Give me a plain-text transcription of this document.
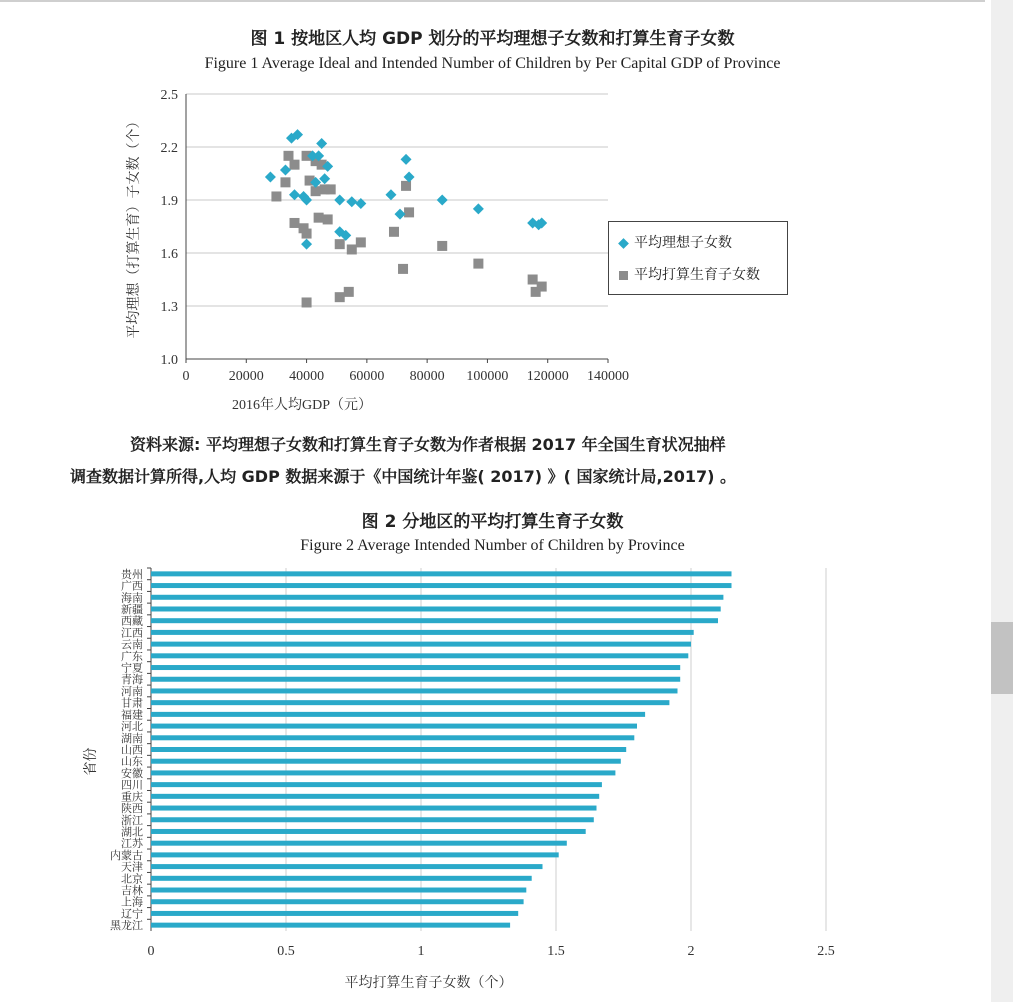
图 1 按地区人均 GDP 划分的平均理想子女数和打算生育子女数
Figure 1 Average Ideal and Intended Number of Children by Per Capital GDP of Province
1.0
1.3
1.6
1.9
2.2
2.5
0	20000 40000 60000 80000 100000 120000 140000
2016年人均GDP（元）
平均理想（打算生育）子女数（个）	平均理想子女数
平均打算生育子女数
资料来源: 平均理想子女数和打算生育子女数为作者根据 2017 年全国生育状况抽样
调查数据计算所得,人均 GDP 数据来源于《中国统计年鉴( 2017) 》( 国家统计局,2017) 。
图 2 分地区的平均打算生育子女数
Figure 2 Average Intended Number of Children by Province
0	0.5	1	1.5	2	2.5
贵州
广西
海南
新疆
西藏
江西
云南
广东
宁夏
青海
河南
甘肃
福建
河北
湖南
山西
山东
安徽
四川
重庆
陕西
浙江
湖北
江苏
内蒙古
天津
北京
吉林
上海
辽宁
黑龙江
省份
平均打算生育子女数（个）
